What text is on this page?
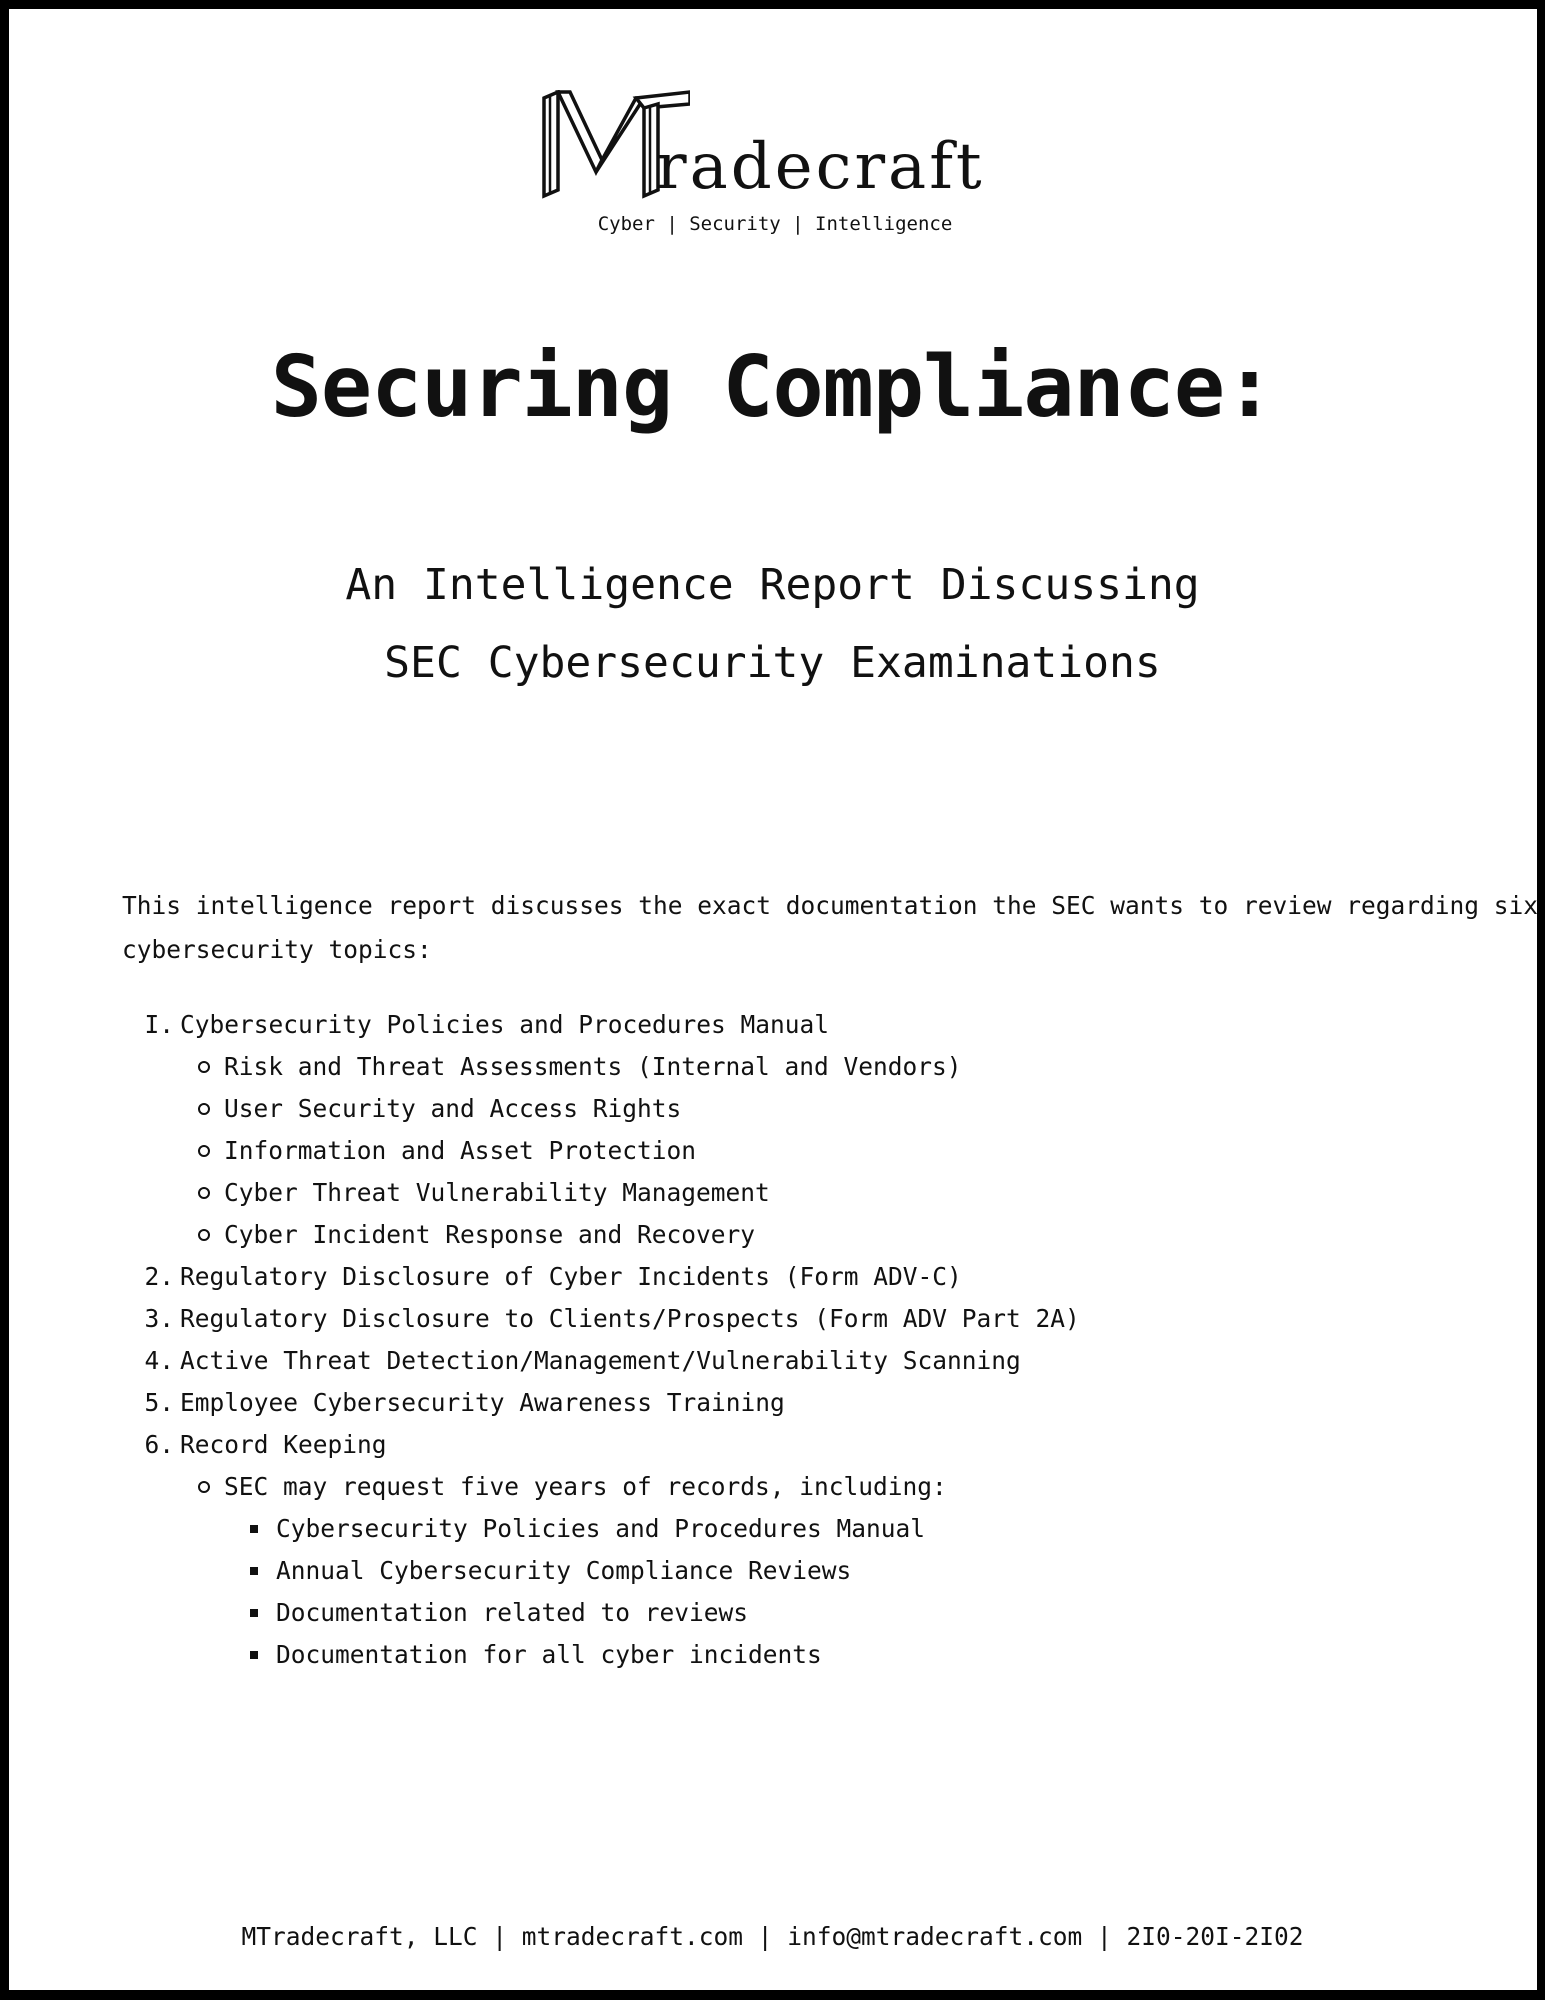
radecraft
Cyber | Security | Intelligence
Securing Compliance:
An Intelligence Report Discussing
SEC Cybersecurity Examinations
This intelligence report discusses the exact documentation the SEC wants to review regarding six
cybersecurity topics:
I. Cybersecurity Policies and Procedures Manual
Risk and Threat Assessments (Internal and Vendors)
User Security and Access Rights
Information and Asset Protection
Cyber Threat Vulnerability Management
Cyber Incident Response and Recovery
2. Regulatory Disclosure of Cyber Incidents (Form ADV-C)
3. Regulatory Disclosure to Clients/Prospects (Form ADV Part 2A)
4. Active Threat Detection/Management/Vulnerability Scanning
5. Employee Cybersecurity Awareness Training
6. Record Keeping
SEC may request five years of records, including:
Cybersecurity Policies and Procedures Manual
Annual Cybersecurity Compliance Reviews
Documentation related to reviews
Documentation for all cyber incidents
MTradecraft, LLC | mtradecraft.com | info@mtradecraft.com | 2I0-20I-2I02
